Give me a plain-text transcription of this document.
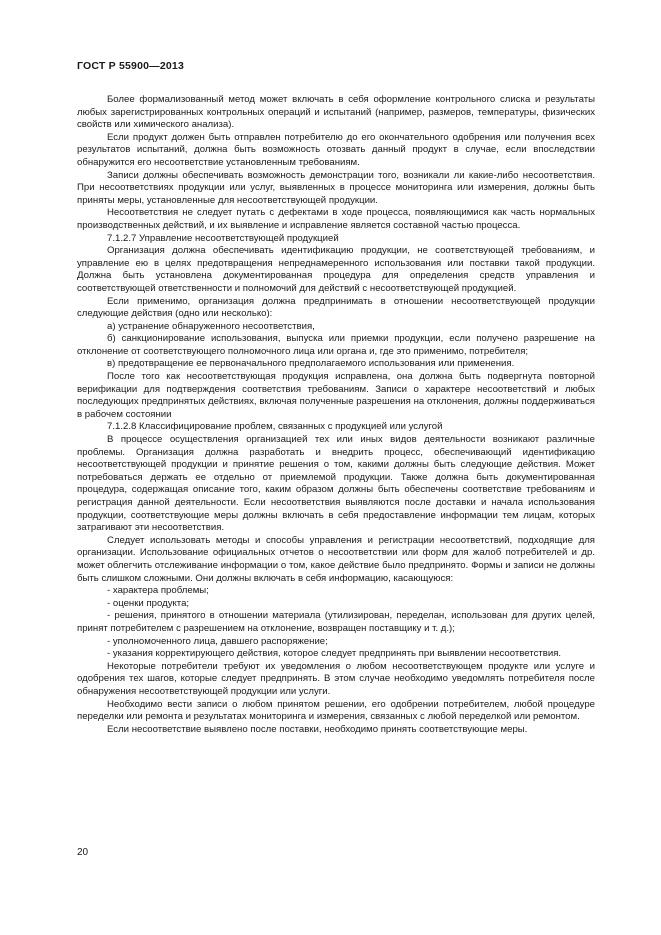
ГОСТ Р 55900—2013

Более формализованный метод может включать в себя оформление контрольного слиска и результаты любых зарегистрированных контрольных операций и испытаний (например, размеров, температуры, физических свойств или химического анализа).

Если продукт должен быть отправлен потребителю до его окончательного одобрения или получения всех результатов испытаний, должна быть возможность отозвать данный продукт в случае, если впоследствии обнаружится его несоответствие установленным требованиям.

Записи должны обеспечивать возможность демонстрации того, возникали ли какие-либо несоответствия. При несоответствиях продукции или услуг, выявленных в процессе мониторинга или измерения, должны быть приняты меры, установленные для несоответствующей продукции.

Несоответствия не следует путать с дефектами в ходе процесса, появляющимися как часть нормальных производственных действий, и их выявление и исправление является составной частью процесса.

7.1.2.7 Управление несоответствующей продукцией

Организация должна обеспечивать идентификацию продукции, не соответствующей требованиям, и управление ею в целях предотвращения непреднамеренного использования или поставки такой продукции. Должна быть установлена документированная процедура для определения средств управления и соответствующей ответственности и полномочий для действий с несоответствующей продукцией.

Если применимо, организация должна предпринимать в отношении несоответствующей продукции следующие действия (одно или несколько):

а) устранение обнаруженного несоответствия,

б) санкционирование использования, выпуска или приемки продукции, если получено разрешение на отклонение от соответствующего полномочного лица или органа и, где это применимо, потребителя;

в) предотвращение ее первоначального предполагаемого использования или применения.

После того как несоответствующая продукция исправлена, она должна быть подвергнута повторной верификации для подтверждения соответствия требованиям. Записи о характере несоответствий и любых последующих предпринятых действиях, включая полученные разрешения на отклонения, должны поддерживаться в рабочем состоянии

7.1.2.8 Классифицирование проблем, связанных с продукцией или услугой

В процессе осуществления организацией тех или иных видов деятельности возникают различные проблемы. Организация должна разработать и внедрить процесс, обеспечивающий идентификацию несоответствующей продукции и принятие решения о том, какими должны быть следующие действия. Может потребоваться держать ее отдельно от приемлемой продукции. Также должна быть документированная процедура, содержащая описание того, каким образом должны быть обеспечены соответствие требованиям и регистрация данной деятельности. Если несоответствия выявляются после доставки и начала использования продукции, соответствующие меры должны включать в себя предоставление информации тем лицам, которых затрагивают эти несоответствия.

Следует использовать методы и способы управления и регистрации несоответствий, подходящие для организации. Использование официальных отчетов о несоответствии или форм для жалоб потребителей и др. может облегчить отслеживание информации о том, какое действие было предпринято. Формы и записи не должны быть слишком сложными. Они должны включать в себя информацию, касающуюся:

- характера проблемы;

- оценки продукта;

- решения, принятого в отношении материала (утилизирован, переделан, использован для других целей, принят потребителем с разрешением на отклонение, возвращен поставщику и т. д.);

- уполномоченного лица, давшего распоряжение;

- указания корректирующего действия, которое следует предпринять при выявлении несоответствия.

Некоторые потребители требуют их уведомления о любом несоответствующем продукте или услуге и одобрения тех шагов, которые следует предпринять. В этом случае необходимо уведомлять потребителя после обнаружения несоответствующей продукции или услуги.

Необходимо вести записи о любом принятом решении, его одобрении потребителем, любой процедуре переделки или ремонта и результатах мониторинга и измерения, связанных с любой переделкой или ремонтом.

Если несоответствие выявлено после поставки, необходимо принять соответствующие меры.

20
